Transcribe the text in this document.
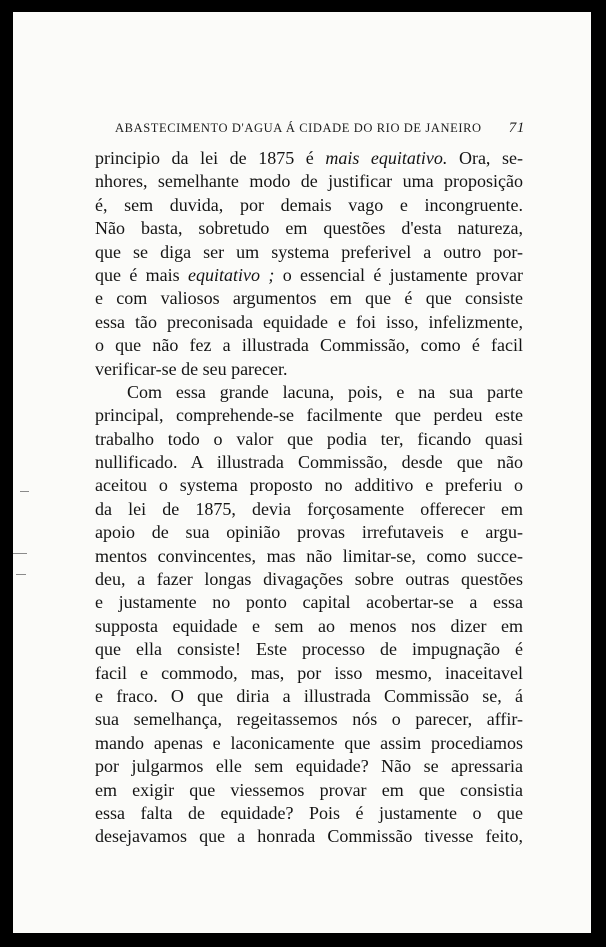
ABASTECIMENTO D'AGUA Á CIDADE DO RIO DE JANEIRO 71
principio da lei de 1875 é mais equitativo. Ora, se-
nhores, semelhante modo de justificar uma proposição
é, sem duvida, por demais vago e incongruente.
Não basta, sobretudo em questões d'esta natureza,
que se diga ser um systema preferivel a outro por-
que é mais equitativo ; o essencial é justamente provar
e com valiosos argumentos em que é que consiste
essa tão preconisada equidade e foi isso, infelizmente,
o que não fez a illustrada Commissão, como é facil
verificar-se de seu parecer.
Com essa grande lacuna, pois, e na sua parte
principal, comprehende-se facilmente que perdeu este
trabalho todo o valor que podia ter, ficando quasi
nullificado. A illustrada Commissão, desde que não
aceitou o systema proposto no additivo e preferiu o
da lei de 1875, devia forçosamente offerecer em
apoio de sua opinião provas irrefutaveis e argu-
mentos convincentes, mas não limitar-se, como succe-
deu, a fazer longas divagações sobre outras questões
e justamente no ponto capital acobertar-se a essa
supposta equidade e sem ao menos nos dizer em
que ella consiste! Este processo de impugnação é
facil e commodo, mas, por isso mesmo, inaceitavel
e fraco. O que diria a illustrada Commissão se, á
sua semelhança, regeitassemos nós o parecer, affir-
mando apenas e laconicamente que assim procediamos
por julgarmos elle sem equidade? Não se apressaria
em exigir que viessemos provar em que consistia
essa falta de equidade? Pois é justamente o que
desejavamos que a honrada Commissão tivesse feito,
